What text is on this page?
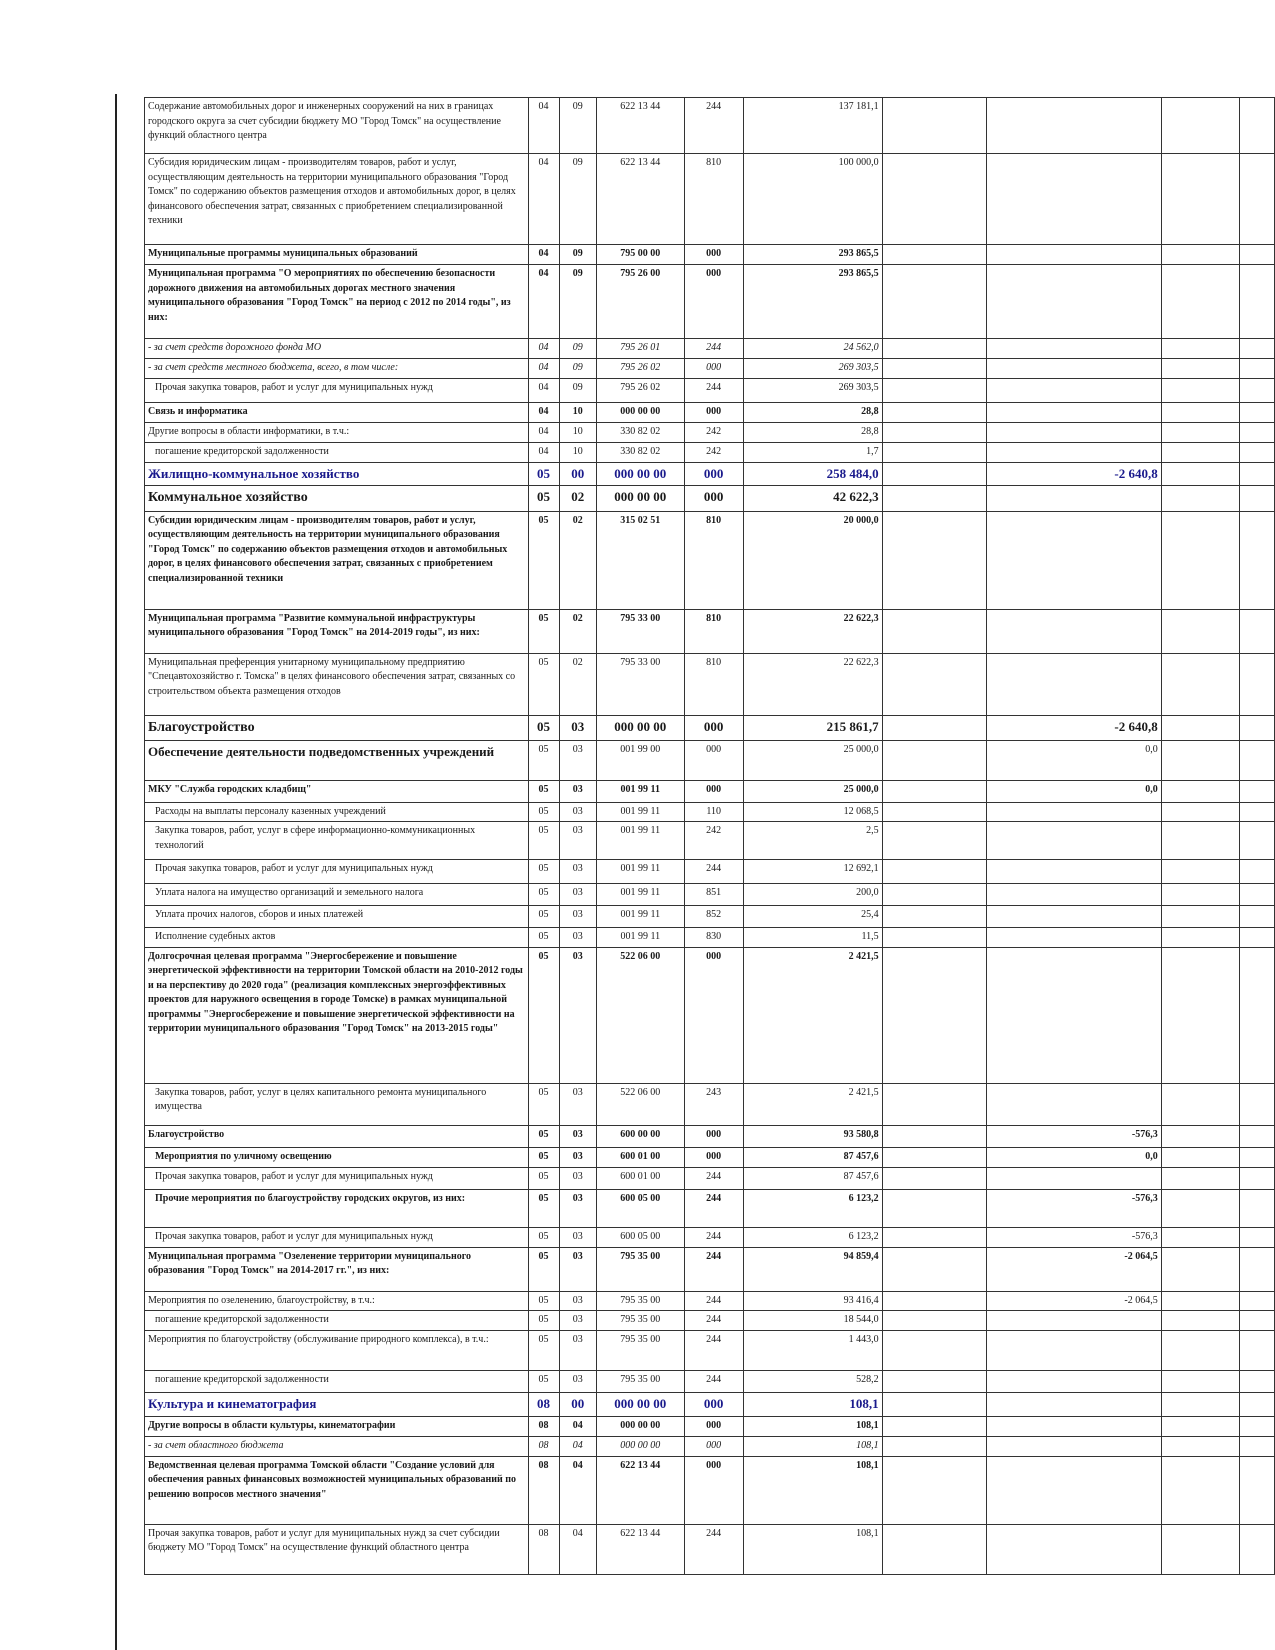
Содержание автомобильных дорог и инженерных сооружений на них в границах городского округа за счет субсидии бюджету МО "Город Томск" на осуществление функций областного центра	04	09	622 13 44	244	137 181,1				
Субсидия юридическим лицам - производителям товаров, работ и услуг, осуществляющим деятельность на территории муниципального образования "Город Томск" по содержанию объектов размещения отходов и автомобильных дорог, в целях финансового обеспечения затрат, связанных с приобретением специализированной техники	04	09	622 13 44	810	100 000,0				
Муниципальные программы муниципальных образований	04	09	795 00 00	000	293 865,5				
Муниципальная программа "О мероприятиях по обеспечению безопасности дорожного движения на автомобильных дорогах местного значения муниципального образования "Город Томск" на период с 2012 по 2014 годы", из них:	04	09	795 26 00	000	293 865,5				
- за счет средств дорожного фонда МО	04	09	795 26 01	244	24 562,0				
- за счет средств местного бюджета, всего, в том числе:	04	09	795 26 02	000	269 303,5				
Прочая закупка товаров, работ и услуг для муниципальных нужд	04	09	795 26 02	244	269 303,5				
Связь и информатика	04	10	000 00 00	000	28,8				
Другие вопросы в области информатики, в т.ч.:	04	10	330 82 02	242	28,8				
погашение кредиторской задолженности	04	10	330 82 02	242	1,7				
Жилищно-коммунальное хозяйство	05	00	000 00 00	000	258 484,0		-2 640,8		
Коммунальное хозяйство	05	02	000 00 00	000	42 622,3				
Субсидии юридическим лицам - производителям товаров, работ и услуг, осуществляющим деятельность на территории муниципального образования "Город Томск" по содержанию объектов размещения отходов и автомобильных дорог, в целях финансового обеспечения затрат, связанных с приобретением специализированной техники	05	02	315 02 51	810	20 000,0				
Муниципальная программа "Развитие коммунальной инфраструктуры муниципального образования "Город Томск" на 2014-2019 годы", из них:	05	02	795 33 00	810	22 622,3				
Муниципальная преференция унитарному муниципальному предприятию "Спецавтохозяйство г. Томска" в целях финансового обеспечения затрат, связанных со строительством объекта размещения отходов	05	02	795 33 00	810	22 622,3				
Благоустройство	05	03	000 00 00	000	215 861,7		-2 640,8		
Обеспечение деятельности подведомственных учреждений	05	03	001 99 00	000	25 000,0		0,0		
МКУ "Служба городских кладбищ"	05	03	001 99 11	000	25 000,0		0,0		
Расходы на выплаты персоналу казенных учреждений	05	03	001 99 11	110	12 068,5				
Закупка товаров, работ, услуг в сфере информационно-коммуникационных технологий	05	03	001 99 11	242	2,5				
Прочая закупка товаров, работ и услуг для муниципальных нужд	05	03	001 99 11	244	12 692,1				
Уплата налога на имущество организаций и земельного налога	05	03	001 99 11	851	200,0				
Уплата прочих налогов, сборов и иных платежей	05	03	001 99 11	852	25,4				
Исполнение судебных актов	05	03	001 99 11	830	11,5				
Долгосрочная целевая программа "Энергосбережение и повышение энергетической эффективности на территории Томской области на 2010-2012 годы и на перспективу до 2020 года" (реализация комплексных энергоэффективных проектов для наружного освещения в городе Томске) в рамках муниципальной программы "Энергосбережение и повышение энергетической эффективности на территории муниципального образования "Город Томск" на 2013-2015 годы"	05	03	522 06 00	000	2 421,5				
Закупка товаров, работ, услуг в целях капитального ремонта муниципального имущества	05	03	522 06 00	243	2 421,5				
Благоустройство	05	03	600 00 00	000	93 580,8		-576,3		
Мероприятия по уличному освещению	05	03	600 01 00	000	87 457,6		0,0		
Прочая закупка товаров, работ и услуг для муниципальных нужд	05	03	600 01 00	244	87 457,6				
Прочие мероприятия по благоустройству городских округов, из них:	05	03	600 05 00	244	6 123,2		-576,3		
Прочая закупка товаров, работ и услуг для муниципальных нужд	05	03	600 05 00	244	6 123,2		-576,3		
Муниципальная программа "Озеленение территории муниципального образования "Город Томск" на 2014-2017 гг.", из них:	05	03	795 35 00	244	94 859,4		-2 064,5		
Мероприятия по озеленению, благоустройству, в т.ч.:	05	03	795 35 00	244	93 416,4		-2 064,5		
погашение кредиторской задолженности	05	03	795 35 00	244	18 544,0				
Мероприятия по благоустройству (обслуживание природного комплекса), в т.ч.:	05	03	795 35 00	244	1 443,0				
погашение кредиторской задолженности	05	03	795 35 00	244	528,2				
Культура и кинематография	08	00	000 00 00	000	108,1				
Другие вопросы в области культуры, кинематографии	08	04	000 00 00	000	108,1				
- за счет областного бюджета	08	04	000 00 00	000	108,1				
Ведомственная целевая программа Томской области "Создание условий для обеспечения равных финансовых возможностей муниципальных образований по решению вопросов местного значения"	08	04	622 13 44	000	108,1				
Прочая закупка товаров, работ и услуг для муниципальных нужд за счет субсидии бюджету МО "Город Томск" на осуществление функций областного центра	08	04	622 13 44	244	108,1				
